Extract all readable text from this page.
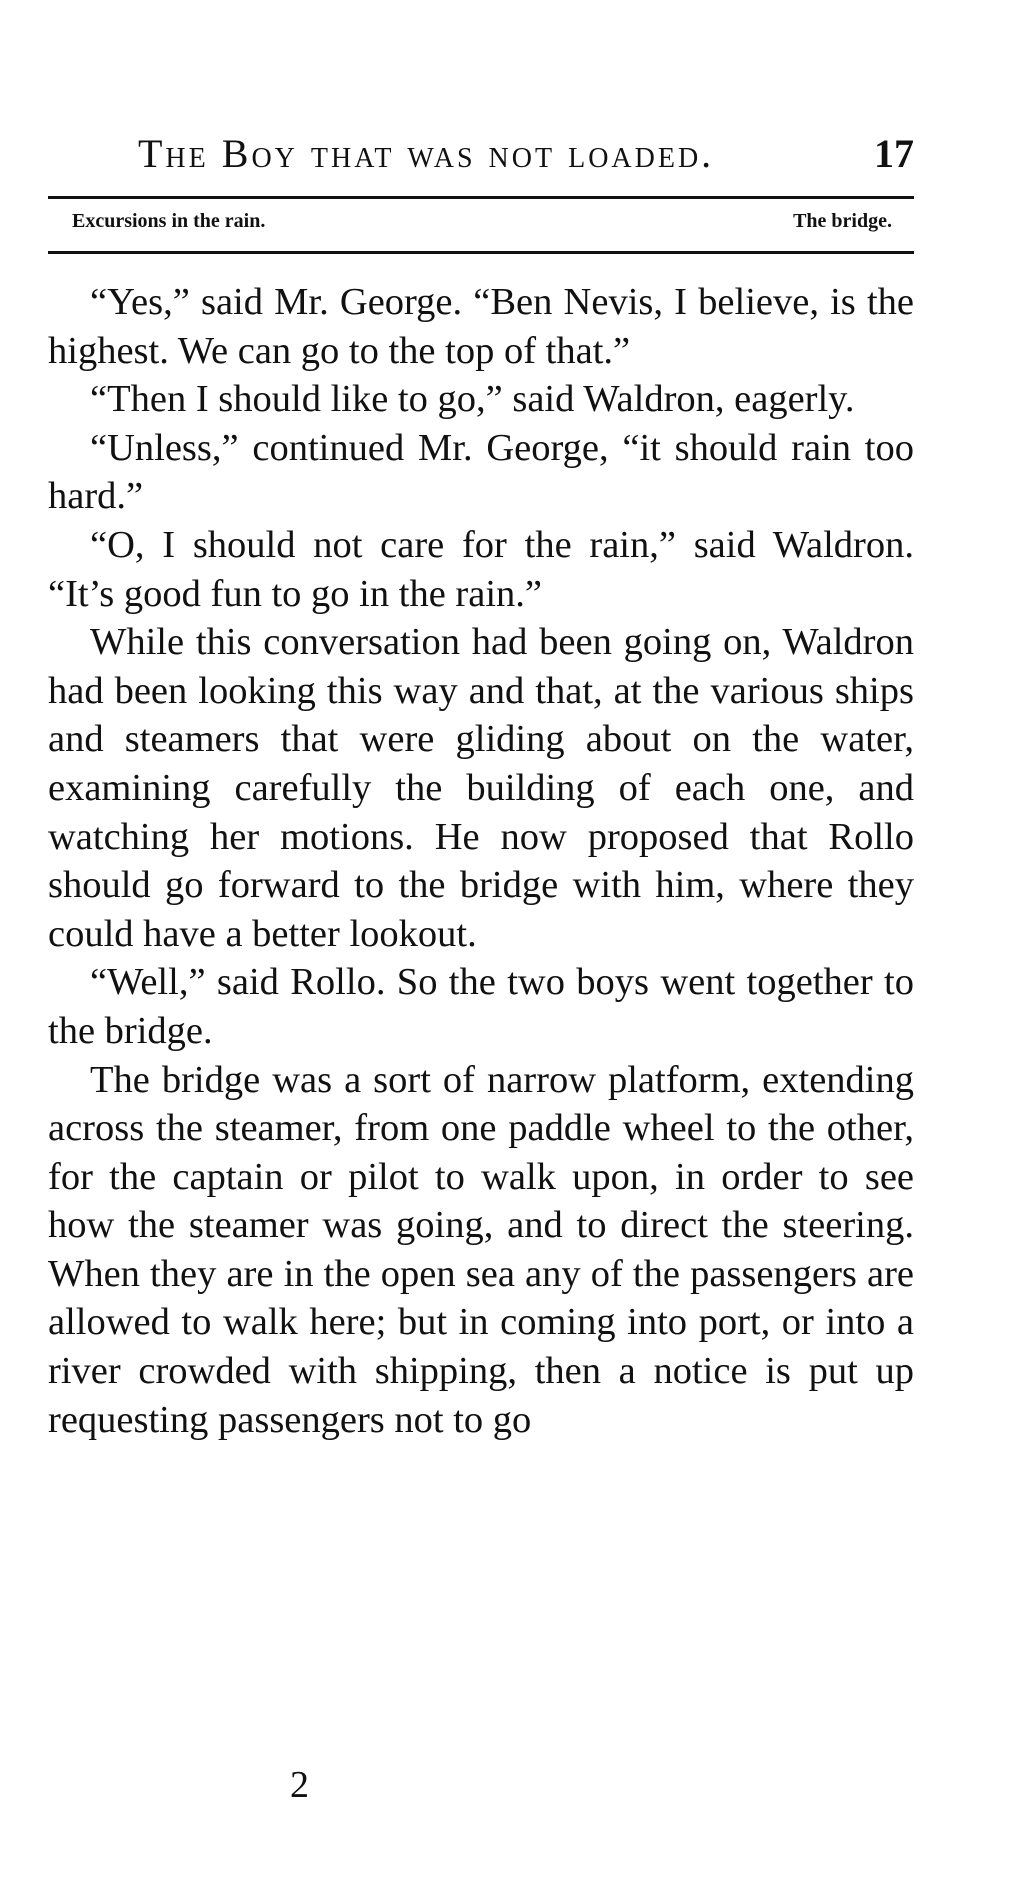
The Boy that was not loaded.	17
Excursions in the rain.	The bridge.

“Yes,” said Mr. George. “Ben Nevis, I believe, is the highest. We can go to the top of that.”

“Then I should like to go,” said Waldron, eagerly.

“Unless,” continued Mr. George, “it should rain too hard.”

“O, I should not care for the rain,” said Waldron. “It’s good fun to go in the rain.”

While this conversation had been going on, Waldron had been looking this way and that, at the various ships and steamers that were gliding about on the water, examining carefully the building of each one, and watching her motions. He now proposed that Rollo should go forward to the bridge with him, where they could have a better lookout.

“Well,” said Rollo. So the two boys went together to the bridge.

The bridge was a sort of narrow platform, extending across the steamer, from one paddle wheel to the other, for the captain or pilot to walk upon, in order to see how the steamer was going, and to direct the steering. When they are in the open sea any of the passengers are allowed to walk here; but in coming into port, or into a river crowded with shipping, then a notice is put up requesting passengers not to go

2
